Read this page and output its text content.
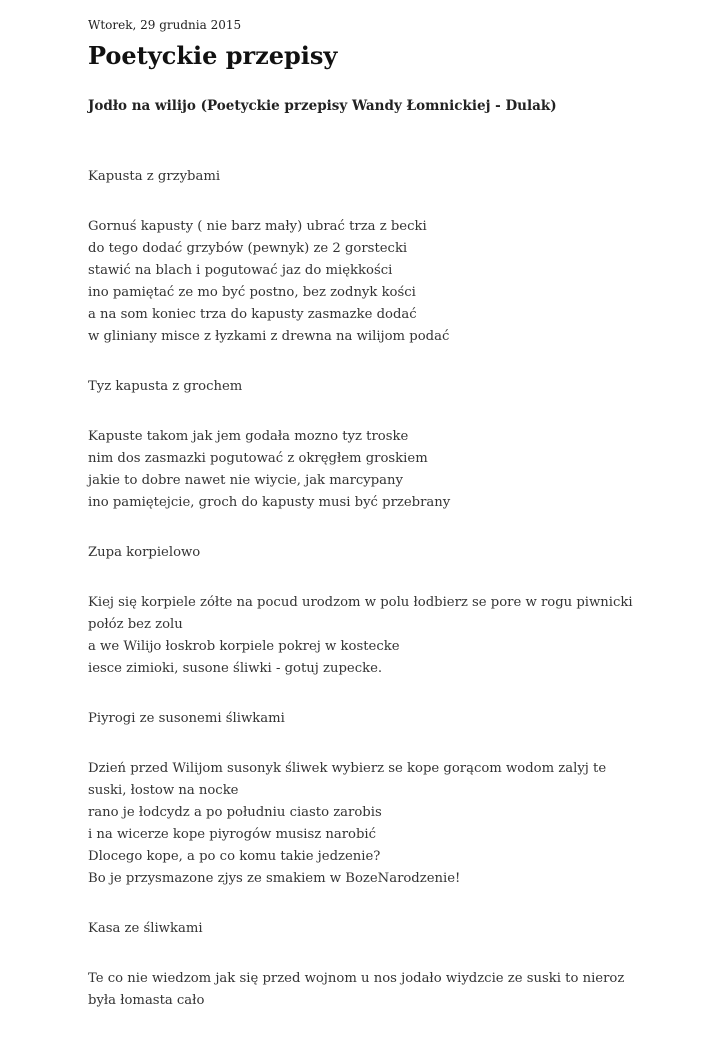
Wtorek, 29 grudnia 2015
Poetyckie przepisy
Jodło na wilijo (Poetyckie przepisy Wandy Łomnickiej - Dulak)

Kapusta z grzybami

Gornuś kapusty ( nie barz mały) ubrać trza z becki
do tego dodać grzybów (pewnyk) ze 2 gorstecki
stawić na blach i pogutować jaz do miękkości
ino pamiętać ze mo być postno, bez zodnyk kości
a na som koniec trza do kapusty zasmazke dodać
w gliniany misce z łyzkami z drewna na wilijom podać

Tyz kapusta z grochem

Kapuste takom jak jem godała mozno tyz troske
nim dos zasmazki pogutować z okręgłem groskiem
jakie to dobre nawet nie wiycie, jak marcypany
ino pamiętejcie, groch do kapusty musi być przebrany

Zupa korpielowo

Kiej się korpiele zółte na pocud urodzom w polu łodbierz se pore w rogu piwnicki połóz bez zolu
a we Wilijo łoskrob korpiele pokrej w kostecke
iesce zimioki, susone śliwki - gotuj zupecke.

Piyrogi ze susonemi śliwkami

Dzień przed Wilijom susonyk śliwek wybierz se kope gorącom wodom zalyj te suski, łostow na nocke
rano je łodcydz a po południu ciasto zarobis
i na wicerze kope piyrogów musisz narobić
Dlocego kope, a po co komu takie jedzenie?
Bo je przysmazone zjys ze smakiem w BozeNarodzenie!

Kasa ze śliwkami

Te co nie wiedzom jak się przed wojnom u nos jodało wiydzcie ze suski to nieroz była łomasta cało
